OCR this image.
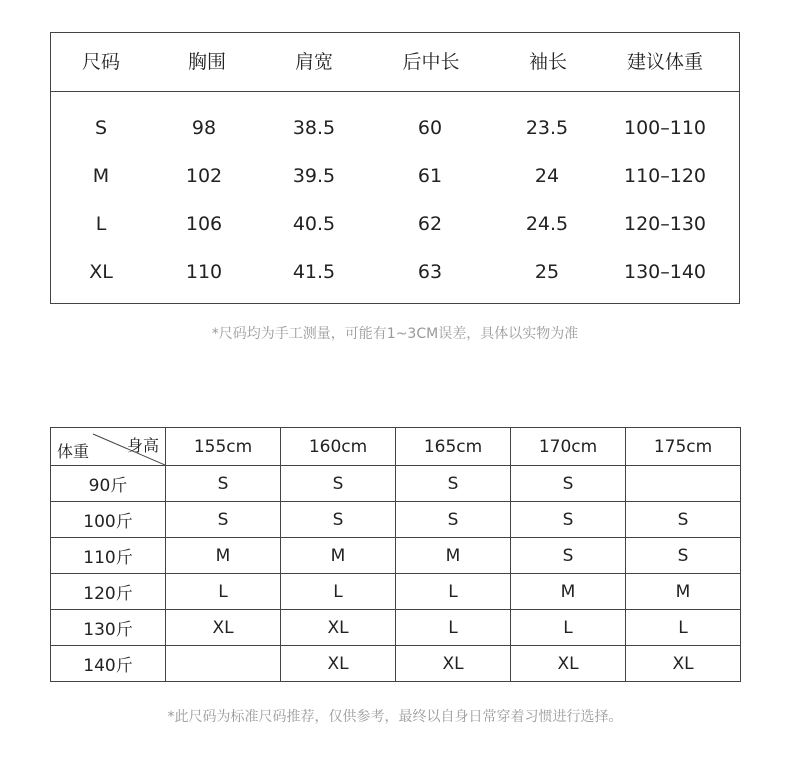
尺码	胸围	肩宽	后中长	袖长	建议体重
S	98	38.5	60	23.5	100–110
M	102	39.5	61	24	110–120
L	106	40.5	62	24.5	120–130
XL	110	41.5	63	25	130–140
*尺码均为手工测量，可能有1~3CM误差，具体以实物为准
身高
体重	155cm	160cm	165cm	170cm	175cm
90斤	S	S	S	S	
100斤	S	S	S	S	S
110斤	M	M	M	S	S
120斤	L	L	L	M	M
130斤	XL	XL	L	L	L
140斤		XL	XL	XL	XL
*此尺码为标准尺码推荐，仅供参考，最终以自身日常穿着习惯进行选择。
